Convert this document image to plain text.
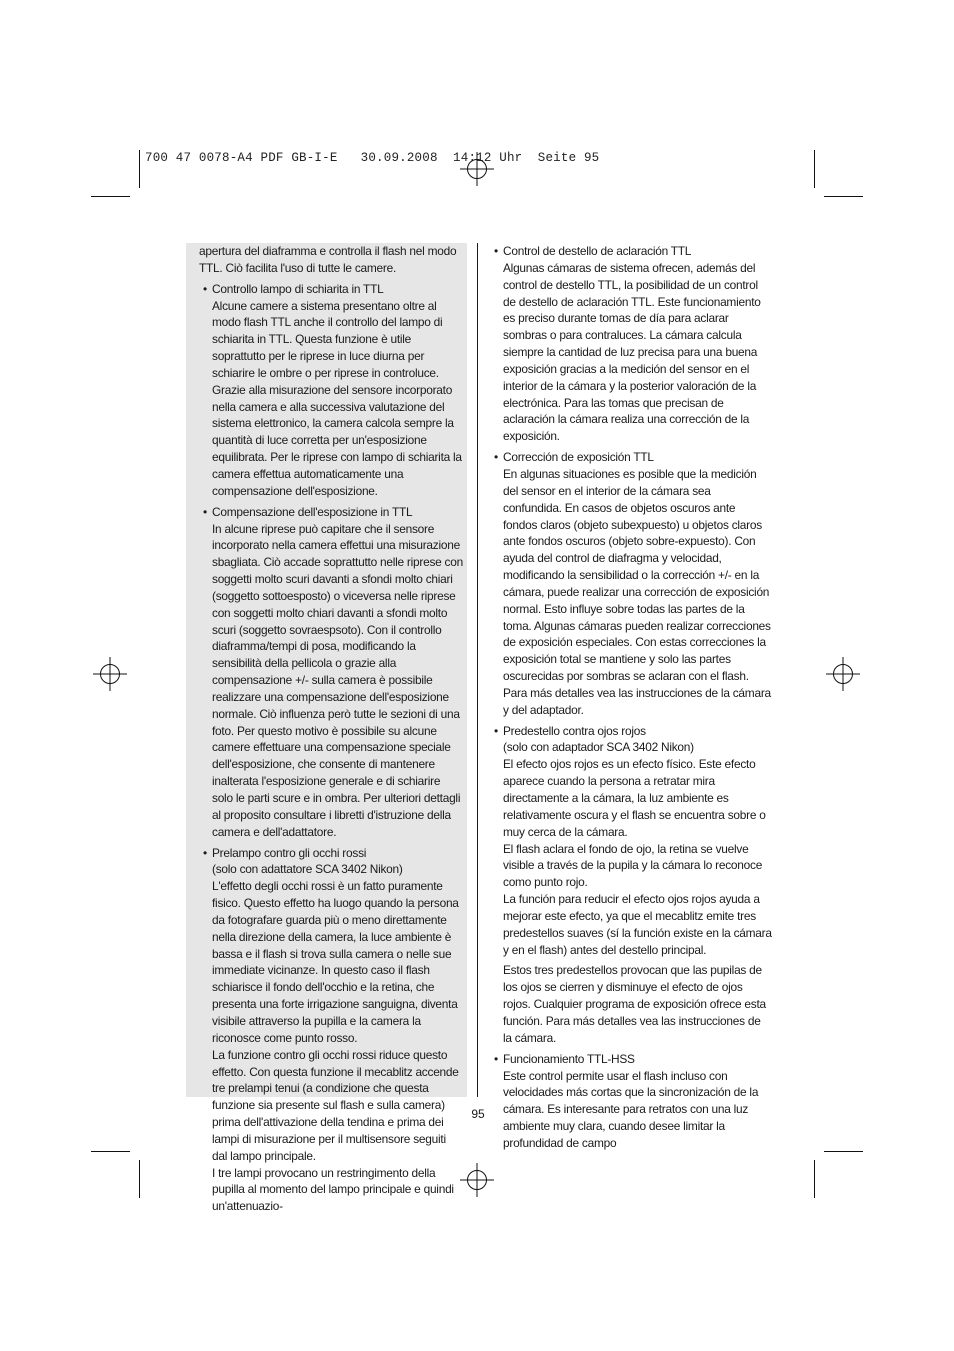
700 47 0078-A4 PDF GB-I-E   30.09.2008  14:12 Uhr  Seite 95

apertura del diaframma e controlla il flash nel modo TTL. Ciò facilita l'uso di tutte le camere.

• Controllo lampo di schiarita in TTL
Alcune camere a sistema presentano oltre al modo flash TTL anche il controllo del lampo di schiarita in TTL. Questa funzione è utile soprattutto per le riprese in luce diurna per schiarire le ombre o per riprese in controluce. Grazie alla misurazione del sensore incorporato nella camera e alla successiva valutazione del sistema elettronico, la camera calcola sempre la quantità di luce corretta per un'esposizione equilibrata. Per le riprese con lampo di schiarita la camera effettua automaticamente una compensazione dell'esposizione.
• Compensazione dell'esposizione in TTL
In alcune riprese può capitare che il sensore incorporato nella camera effettui una misurazione sbagliata. Ciò accade soprattutto nelle riprese con soggetti molto scuri davanti a sfondi molto chiari (soggetto sottoesposto) o viceversa nelle riprese con soggetti molto chiari davanti a sfondi molto scuri (soggetto sovraespsoto). Con il controllo diaframma/tempi di posa, modificando la sensibilità della pellicola o grazie alla compensazione +/- sulla camera è possibile realizzare una compensazione dell'esposizione normale. Ciò influenza però tutte le sezioni di una foto. Per questo motivo è possibile su alcune camere effettuare una compensazione speciale dell'esposizione, che consente di mantenere inalterata l'esposizione generale e di schiarire solo le parti scure e in ombra. Per ulteriori dettagli al proposito consultare i libretti d'istruzione della camera e dell'adattatore.
• Prelampo contro gli occhi rossi
(solo con adattatore SCA 3402 Nikon)
L'effetto degli occhi rossi è un fatto puramente fisico. Questo effetto ha luogo quando la persona da fotografare guarda più o meno direttamente nella direzione della camera, la luce ambiente è bassa e il flash si trova sulla camera o nelle sue immediate vicinanze. In questo caso il flash schiarisce il fondo dell'occhio e la retina, che presenta una forte irrigazione sanguigna, diventa visibile attraverso la pupilla e la camera la riconosce come punto rosso.
La funzione contro gli occhi rossi riduce questo effetto. Con questa funzione il mecablitz accende tre prelampi tenui (a condizione che questa funzione sia presente sul flash e sulla camera) prima dell'attivazione della tendina e prima dei lampi di misurazione per il multisensore seguiti dal lampo principale.
I tre lampi provocano un restringimento della pupilla al momento del lampo principale e quindi un'attenuazio-
• Control de destello de aclaración TTL
Algunas cámaras de sistema ofrecen, además del control de destello TTL, la posibilidad de un control de destello de aclaración TTL. Este funcionamiento es preciso durante tomas de día para aclarar sombras o para contraluces. La cámara calcula siempre la cantidad de luz precisa para una buena exposición gracias a la medición del sensor en el interior de la cámara y la posterior valoración de la electrónica. Para las tomas que precisan de aclaración la cámara realiza una corrección de la exposición.
• Corrección de exposición TTL
En algunas situaciones es posible que la medición del sensor en el interior de la cámara sea confundida. En casos de objetos oscuros ante fondos claros (objeto subexpuesto) u objetos claros ante fondos oscuros (objeto sobre-expuesto). Con ayuda del control de diafragma y velocidad, modificando la sensibilidad o la corrección +/- en la cámara, puede realizar una corrección de exposición normal. Esto influye sobre todas las partes de la toma. Algunas cámaras pueden realizar correcciones de exposición especiales. Con estas correcciones la exposición total se mantiene y solo las partes oscurecidas por sombras se aclaran con el flash. Para más detalles vea las instrucciones de la cámara y del adaptador.
• Predestello contra ojos rojos
(solo con adaptador SCA 3402 Nikon)
El efecto ojos rojos es un efecto físico. Este efecto aparece cuando la persona a retratar mira directamente a la cámara, la luz ambiente es relativamente oscura y el flash se encuentra sobre o muy cerca de la cámara.
El flash aclara el fondo de ojo, la retina se vuelve visible a través de la pupila y la cámara lo reconoce como punto rojo.
La función para reducir el efecto ojos rojos ayuda a mejorar este efecto, ya que el mecablitz emite tres predestellos suaves (sí la función existe en la cámara y en el flash) antes del destello principal.
Estos tres predestellos provocan que las pupilas de los ojos se cierren y disminuye el efecto de ojos rojos. Cualquier programa de exposición ofrece esta función. Para más detalles vea las instrucciones de la cámara.
• Funcionamiento TTL-HSS
Este control permite usar el flash incluso con velocidades más cortas que la sincronización de la cámara. Es interesante para retratos con una luz ambiente muy clara, cuando desee limitar la profundidad de campo
95
